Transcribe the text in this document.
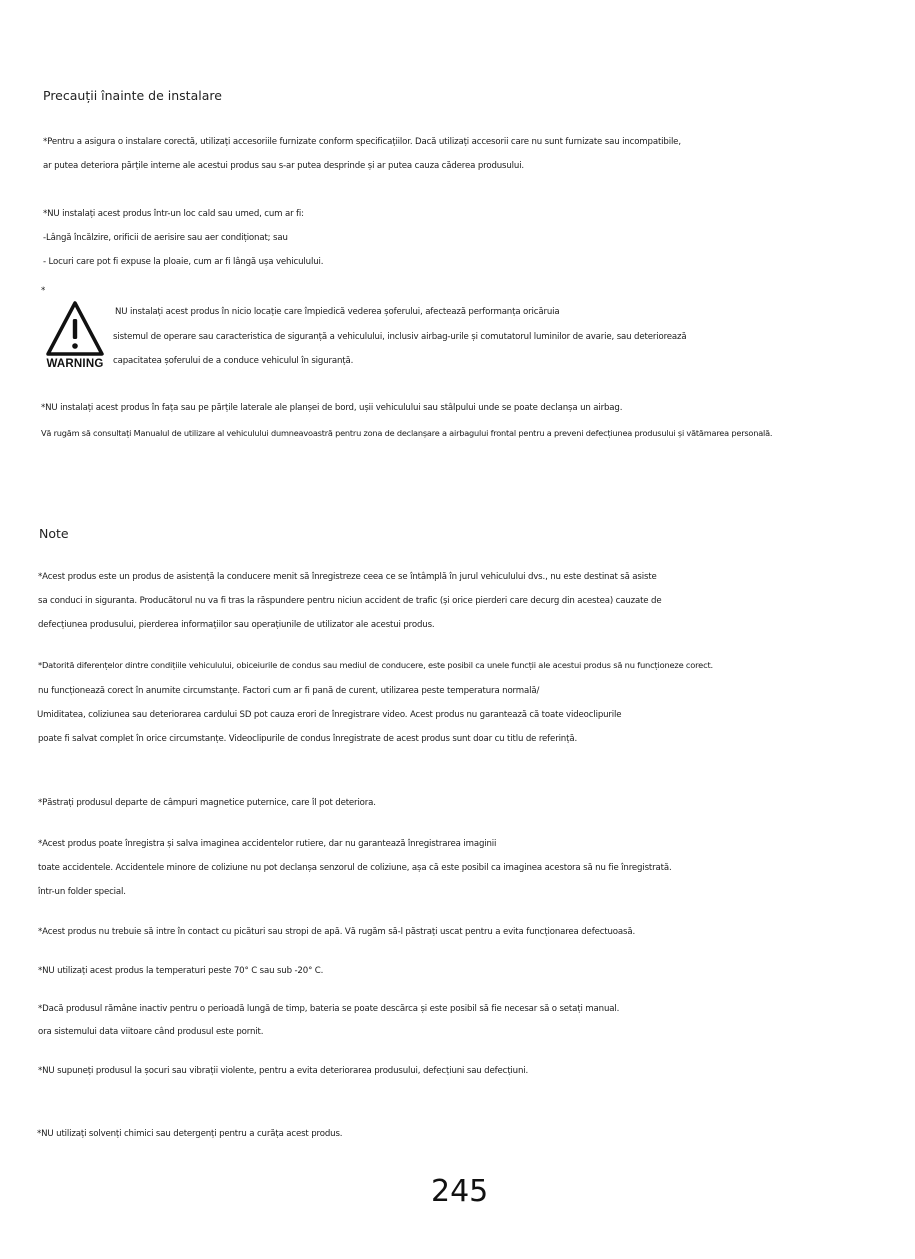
Precauții înainte de instalare
*Pentru a asigura o instalare corectă, utilizați accesoriile furnizate conform specificațiilor. Dacă utilizați accesorii care nu sunt furnizate sau incompatibile,
ar putea deteriora părțile interne ale acestui produs sau s-ar putea desprinde și ar putea cauza căderea produsului.
*NU instalați acest produs într-un loc cald sau umed, cum ar fi:
-Lângă încălzire, orificii de aerisire sau aer condiționat; sau
- Locuri care pot fi expuse la ploaie, cum ar fi lângă ușa vehiculului.
*
WARNING
NU instalați acest produs în nicio locație care împiedică vederea șoferului, afectează performanța oricăruia
sistemul de operare sau caracteristica de siguranță a vehiculului, inclusiv airbag-urile și comutatorul luminilor de avarie, sau deteriorează
capacitatea șoferului de a conduce vehiculul în siguranță.
*NU instalați acest produs în fața sau pe părțile laterale ale planșei de bord, ușii vehiculului sau stâlpului unde se poate declanșa un airbag.
Vă rugăm să consultați Manualul de utilizare al vehiculului dumneavoastră pentru zona de declanșare a airbagului frontal pentru a preveni defecțiunea produsului și vătămarea personală.
Note
*Acest produs este un produs de asistență la conducere menit să înregistreze ceea ce se întâmplă în jurul vehiculului dvs., nu este destinat să asiste
sa conduci in siguranta. Producătorul nu va fi tras la răspundere pentru niciun accident de trafic (și orice pierderi care decurg din acestea) cauzate de
defecțiunea produsului, pierderea informațiilor sau operațiunile de utilizator ale acestui produs.
*Datorită diferențelor dintre condițiile vehiculului, obiceiurile de condus sau mediul de conducere, este posibil ca unele funcții ale acestui produs să nu funcționeze corect.
nu funcționează corect în anumite circumstanțe. Factori cum ar fi pană de curent, utilizarea peste temperatura normală/
Umiditatea, coliziunea sau deteriorarea cardului SD pot cauza erori de înregistrare video. Acest produs nu garantează că toate videoclipurile
poate fi salvat complet în orice circumstanțe. Videoclipurile de condus înregistrate de acest produs sunt doar cu titlu de referință.
*Păstrați produsul departe de câmpuri magnetice puternice, care îl pot deteriora.
*Acest produs poate înregistra și salva imaginea accidentelor rutiere, dar nu garantează înregistrarea imaginii
toate accidentele. Accidentele minore de coliziune nu pot declanșa senzorul de coliziune, așa că este posibil ca imaginea acestora să nu fie înregistrată.
într-un folder special.
*Acest produs nu trebuie să intre în contact cu picături sau stropi de apă. Vă rugăm să-l păstrați uscat pentru a evita funcționarea defectuoasă.
*NU utilizați acest produs la temperaturi peste 70° C sau sub -20° C.
*Dacă produsul rămâne inactiv pentru o perioadă lungă de timp, bateria se poate descărca și este posibil să fie necesar să o setați manual.
ora sistemului data viitoare când produsul este pornit.
*NU supuneți produsul la șocuri sau vibrații violente, pentru a evita deteriorarea produsului, defecțiuni sau defecțiuni.
*NU utilizați solvenți chimici sau detergenți pentru a curăța acest produs.
245
